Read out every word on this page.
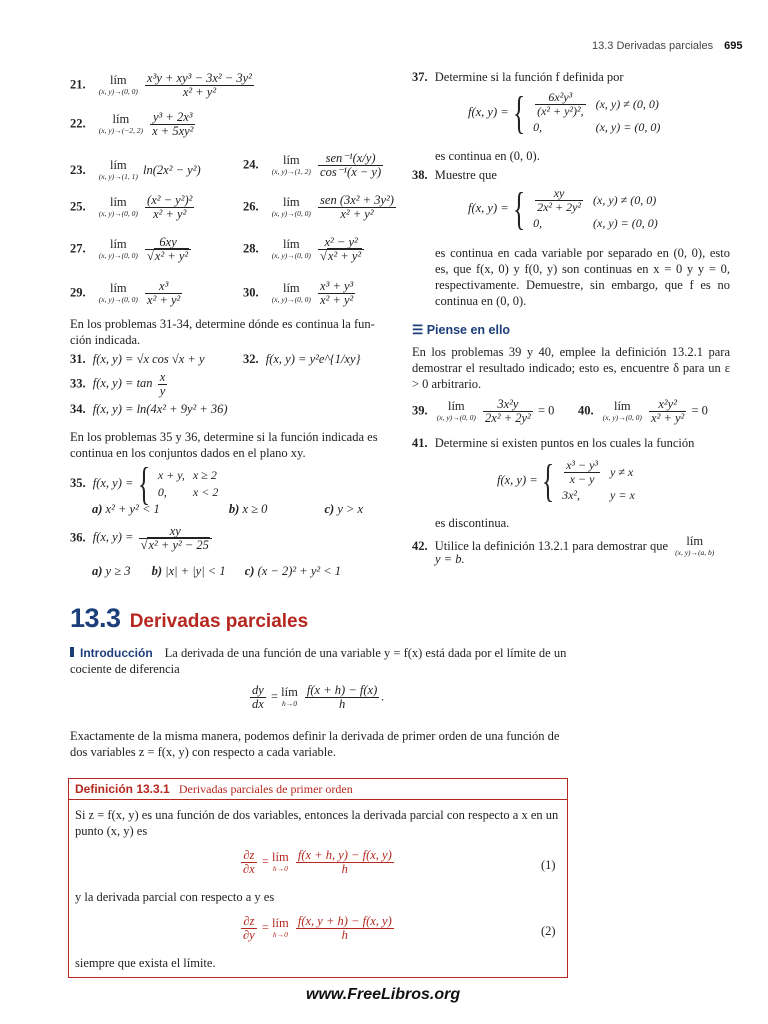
13.3 Derivadas parciales 695
21. lím
(x, y)→(0, 0)
$\frac{\text{x³y + xy³ − 3x² − 3y²}}{\text{x² + y²}}$
22. lím
(x, y)→(−2, 2)
$\frac{\text{y³ + 2x³}}{\text{x + 5xy²}}$
23. lím
(x, y)→(1, 1) ln(2x² − y²)	24. lím
(x, y)→(1, 2)
$\frac{\text{sen⁻¹(x/y)}}{\text{cos⁻¹(x − y)}}$
25. lím
(x, y)→(0, 0)
$\frac{\text{(x² − y²)²}}{\text{x² + y²}}$	26. lím
(x, y)→(0, 0)
$\frac{\text{sen (3x² + 3y²)}}{\text{x² + y²}}$
27. lím
(x, y)→(0, 0)
$\frac{6xy}{\text{√x² + y²}}$	28. lím
(x, y)→(0, 0)
$\frac{\text{x² − y²}}{\text{√x² + y²}}$
29. lím
(x, y)→(0, 0)
$\frac{\text{x³}}{\text{x² + y²}}$	30. lím
(x, y)→(0, 0)
$\frac{\text{x³ + y³}}{\text{x² + y²}}$
En los problemas 31-34, determine dónde es continua la fun-ción indicada.
31. f(x, y) = √x cos √x + y	32. f(x, y) = y²e^{1/xy}
33. f(x, $y) = \tan \frac{x}{y}$
34. f(x, y) = ln(4x² + 9y² + 36)
En los problemas 35 y 36, determine si la función indicada es continua en los conjuntos dados en el plano xy.
35. f(x, y) = { x + y,	x ≥ 2
0,	x < 2
a) x² + y² < 1	b) x ≥ 0	c) y > x
36. f(x, $y) = \frac{xy}{\text{√x² + y² − 25}}$
a) y ≥ 3 b) |x| + |y| < 1 c) (x − 2)² + y² < 1
37. Determine si la función f definida por
f(x, y) = { $\frac{\text{6x²y³}}{\text{(x² + y²)²,}}$	(x, y) ≠ (0, 0)
0,	(x, y) = (0, 0)
es continua en (0, 0).
38. Muestre que
f(x, y) = { $\frac{xy}{\text{2x² + 2y²}}$	(x, y) ≠ (0, 0)
0,	(x, y) = (0, 0)
es continua en cada variable por separado en (0, 0), esto es, que f(x, 0) y f(0, y) son continuas en x = 0 y y = 0, respectivamente. Demuestre, sin embargo, que f es no continua en (0, 0).
☰ Piense en ello
En los problemas 39 y 40, emplee la definición 13.2.1 para demostrar el resultado indicado; esto es, encuentre δ para un ε > 0 arbitrario.
39. lím
(x, y)→(0, 0)
$\frac{\text{3x²y}}{\text{2x² + 2y²}} = 0$ 40. lím
(x, y)→(0, 0)
$\frac{\text{x²y²}}{\text{x² + y²}} = 0$
41. Determine si existen puntos en los cuales la función
f(x, y) = { $\frac{\text{x³ − y³}}{x - y}$	y ≠ x
3x²,	y = x
es discontinua.
42. Utilice la definición 13.2.1 para demostrar que lím
(x, y)→(a, b)
y = b.
13.3 Derivadas parciales
Introducción La derivada de una función de una variable y = f(x) está dada por el límite de un cociente de diferencia
$\frac{dy}{dx}$ = lím
h→0
$\frac{f(x + h) - f(x)}{h}$ .
Exactamente de la misma manera, podemos definir la derivada de primer orden de una función de dos variables z = f(x, y) con respecto a cada variable.
Definición 13.3.1 Derivadas parciales de primer orden
Si z = f(x, y) es una función de dos variables, entonces la derivada parcial con respecto a x en un punto (x, y) es
$\frac{\partial z}{\partial x}$ = lím
h→0
$\frac{f(x + h, y) - f(x, y)}{h}$	(1)
y la derivada parcial con respecto a y es
$\frac{\partial z}{\partial y}$ = lím
h→0
$\frac{f(x, y + h) - f(x, y)}{h}$	(2)
siempre que exista el límite.
www.FreeLibros.org
